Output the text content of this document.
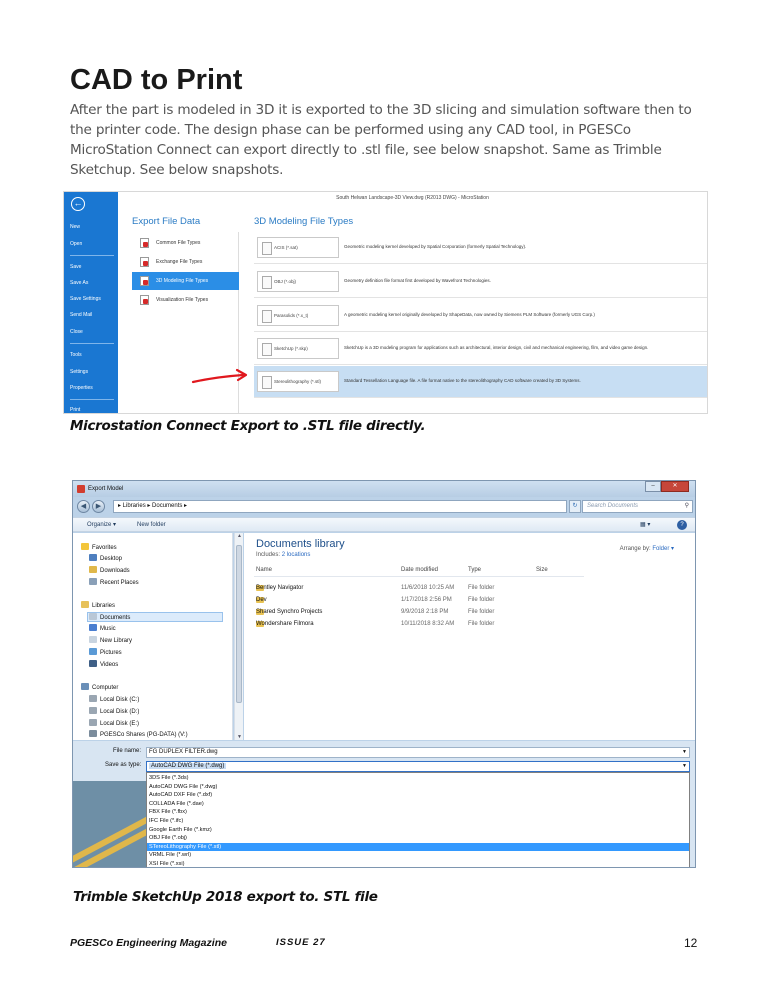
CAD to Print
After the part is modeled in 3D it is exported to the 3D slicing and simulation software then to the printer code. The design phase can be performed using any CAD tool, in PGESCo MicroStation Connect can export directly to .stl file, see below snapshot. Same as Trimble Sketchup. See below snapshots.
South Helwan Landscape-3D View.dwg (R2013 DWG) - MicroStation
←
New
Open
Save
Save As
Save Settings
Send Mail
Close
Tools
Settings
Properties
Print
Export File Data	3D Modeling File Types
Common File Types
Exchange File Types
3D Modeling File Types
Visualization File Types
ACIS (*.sat)	Geometric modeling kernel developed by Spatial Corporation (formerly Spatial Technology).
OBJ (*.obj)	Geometry definition file format first developed by Wavefront Technologies.
Parasolids (*.x_t)	A geometric modeling kernel originally developed by ShapeData, now owned by Siemens PLM Software (formerly UGS Corp.)
SketchUp (*.skp)	SketchUp is a 3D modeling program for applications such as architectural, interior design, civil and mechanical engineering, film, and video game design.
Stereolithography (*.stl)	Standard Tessellation Language file. A file format native to the stereolithography CAD software created by 3D Systems.
Microstation Connect Export to .STL file directly.
Export Model	–	✕
◀	▶	▸ Libraries ▸ Documents ▸	↻	Search Documents	⚲
Organize ▾	New folder	▦ ▾	?
Favorites
Desktop
Downloads
Recent Places
Libraries
Documents
Music
New Library
Pictures
Videos
Computer
Local Disk (C:)
Local Disk (D:)
Local Disk (E:)
PGESCo Shares (PG-DATA) (V:)
▲
▼
Documents library
Includes: 2 locations
Arrange by: Folder ▾
Name	Date modified	Type	Size
Bentley Navigator	11/6/2018 10:25 AM File folder
Dev	1/17/2018 2:56 PM	File folder
Shared Synchro Projects	9/9/2018 2:18 PM	File folder
Wondershare Filmora	10/11/2018 8:32 AM File folder
File name:	FG DUPLEX FILTER.dwg	▼
Save as type:	AutoCAD DWG File (*.dwg)	▼
3DS File (*.3ds)
AutoCAD DWG File (*.dwg)
AutoCAD DXF File (*.dxf)
COLLADA File (*.dae)
FBX File (*.fbx)
IFC File (*.ifc)
Google Earth File (*.kmz)
OBJ File (*.obj)
STereoLithography File (*.stl)
VRML File (*.wrl)
XSI File (*.xsi)
Trimble SketchUp 2018 export to. STL file
PGESCo Engineering Magazine	ISSUE 27	12
